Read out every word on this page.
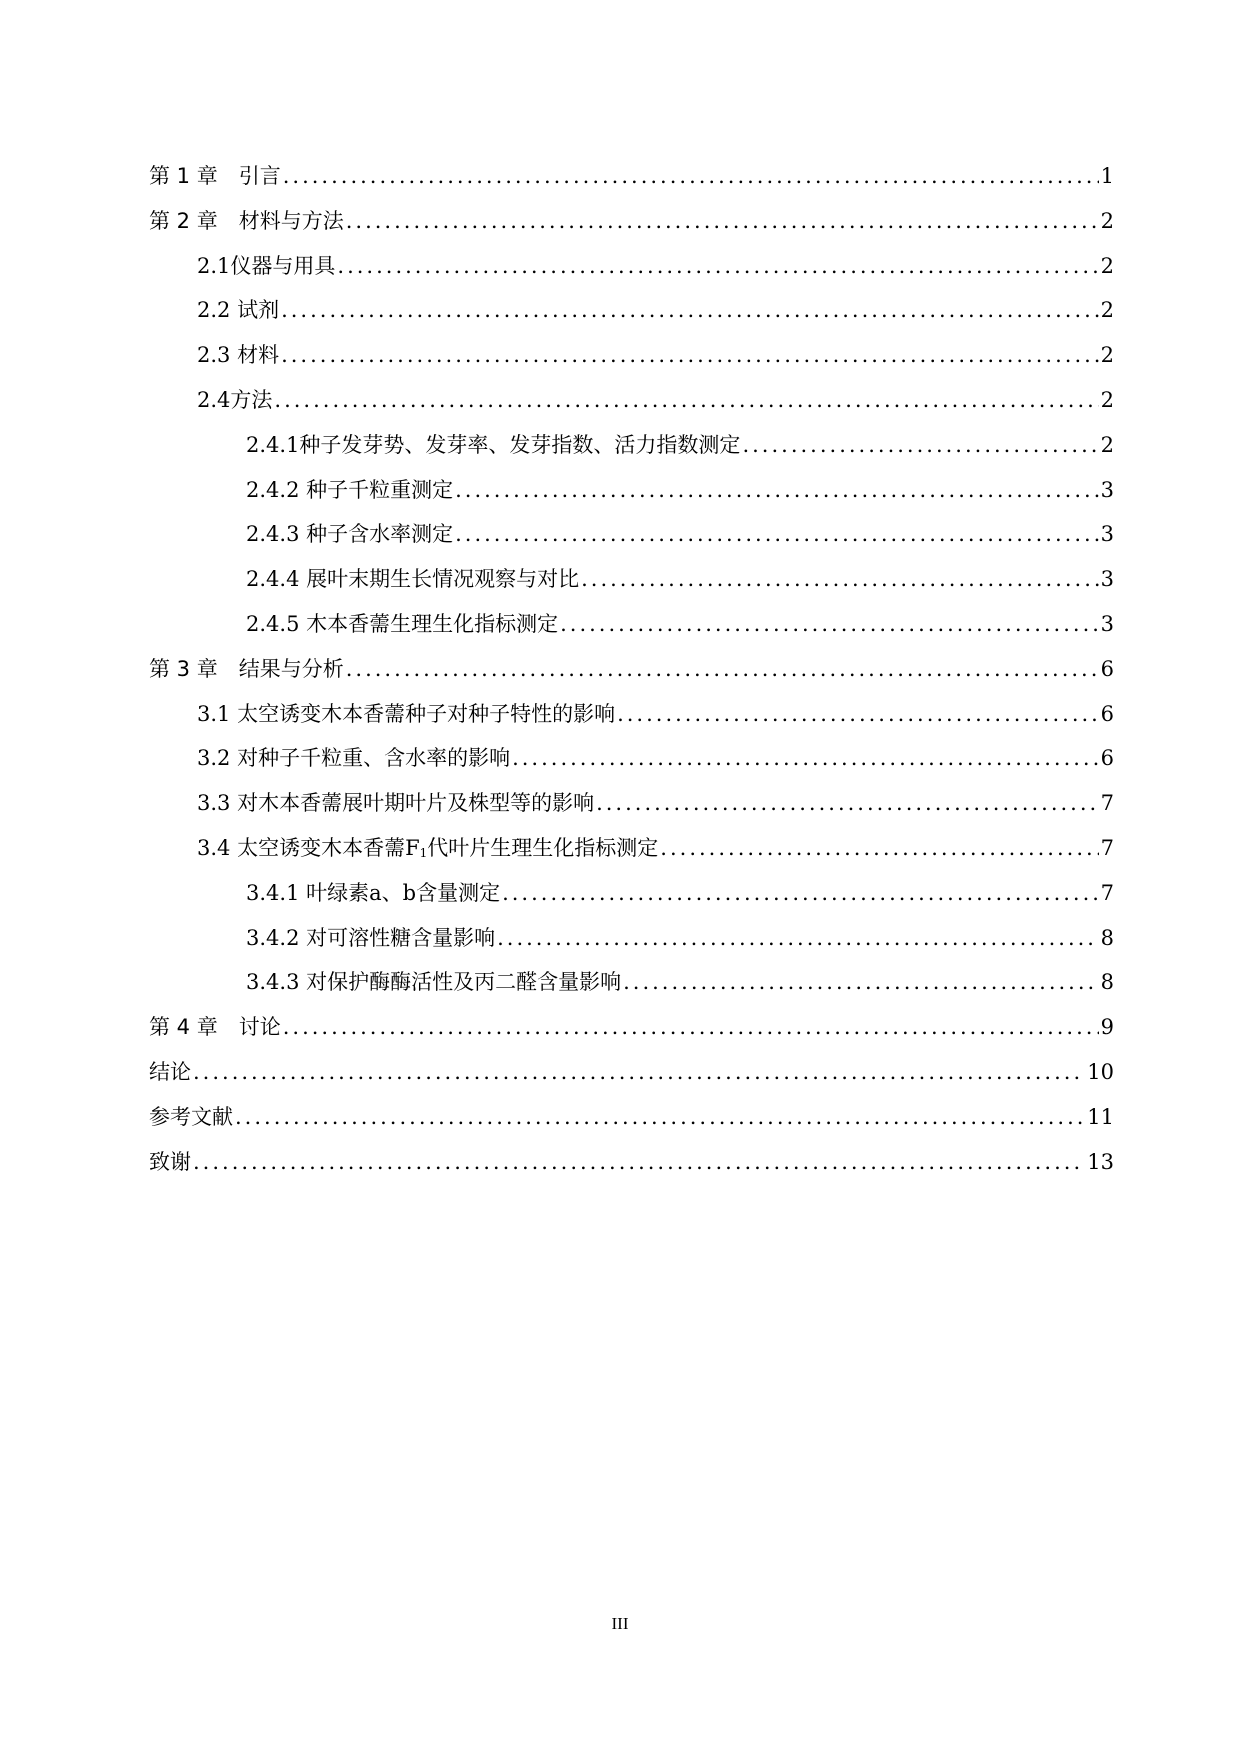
第 1 章　引言 .....	1
第 2 章　材料与方法 .....	2
2.1仪器与用具 .....	2
2.2 试剂 .....	2
2.3 材料 .....	2
2.4方法 .....	2
2.4.1种子发芽势、发芽率、发芽指数、活力指数测定 .....	2
2.4.2 种子千粒重测定 .....	3
2.4.3 种子含水率测定 .....	3
2.4.4 展叶末期生长情况观察与对比 .....	3
2.4.5 木本香薷生理生化指标测定 .....	3
第 3 章　结果与分析 .....	6
3.1 太空诱变木本香薷种子对种子特性的影响 .....	6
3.2 对种子千粒重、含水率的影响 .....	6
3.3 对木本香薷展叶期叶片及株型等的影响 .....	7
3.4 太空诱变木本香薷$F_1$代叶片生理生化指标测定 .....	7
3.4.1 叶绿素a、b含量测定 .....	7
3.4.2 对可溶性糖含量影响 .....	8
3.4.3 对保护酶酶活性及丙二醛含量影响 .....	8
第 4 章　讨论 .....	9
结论 .....	10
参考文献 .....	11
致谢 .....	13
III
